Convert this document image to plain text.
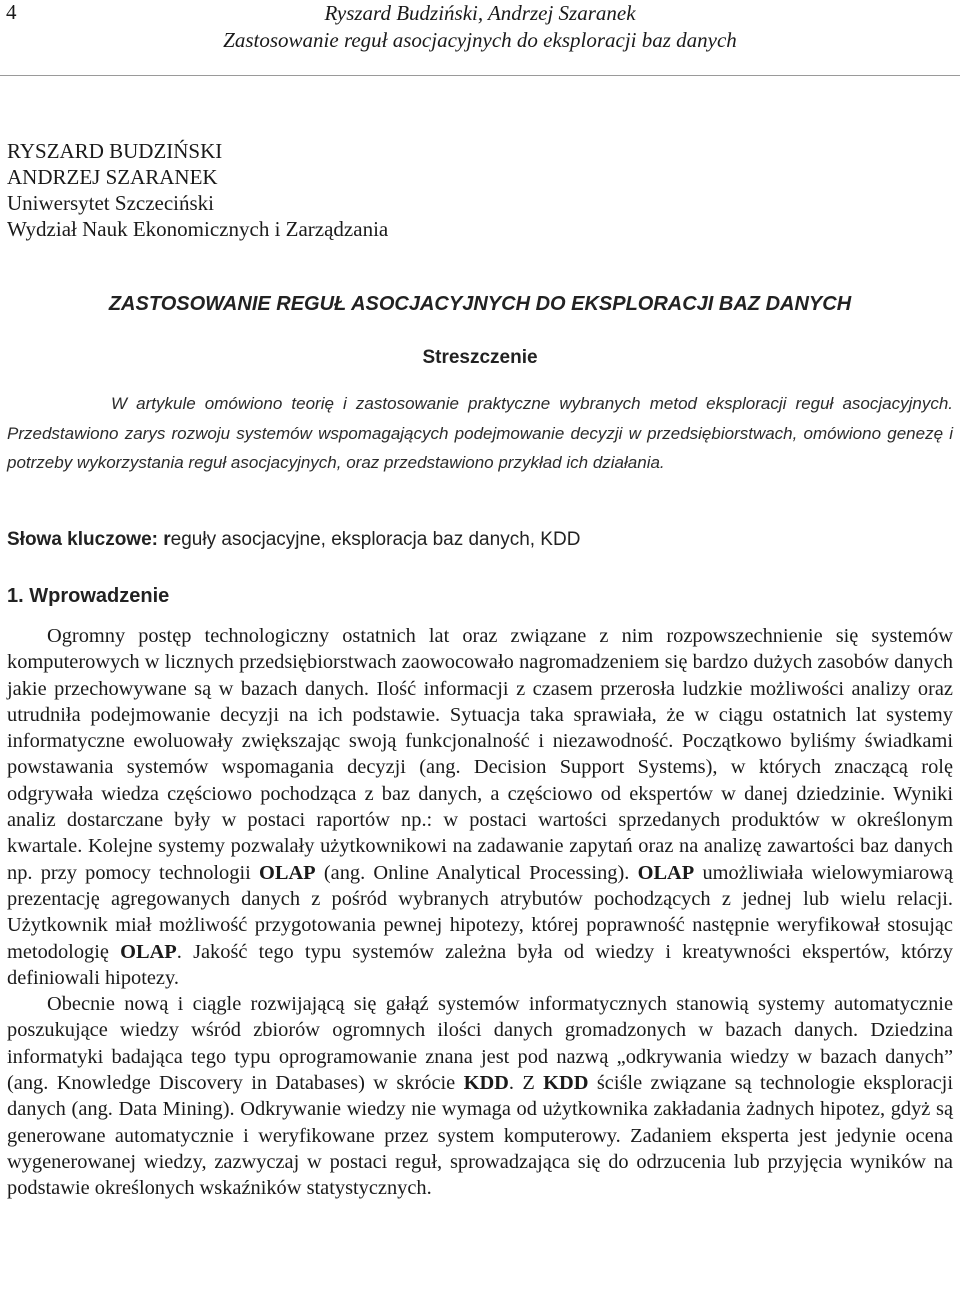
4	Ryszard Budziński, Andrzej Szaranek
Zastosowanie reguł asocjacyjnych do eksploracji baz danych
RYSZARD BUDZIŃSKI
ANDRZEJ SZARANEK
Uniwersytet Szczeciński
Wydział Nauk Ekonomicznych i Zarządzania
ZASTOSOWANIE REGUŁ ASOCJACYJNYCH DO EKSPLORACJI BAZ DANYCH
Streszczenie
W artykule omówiono teorię i zastosowanie praktyczne wybranych metod eksploracji reguł asocjacyjnych. Przedstawiono zarys rozwoju systemów wspomagających podejmowanie decyzji w przedsiębiorstwach, omówiono genezę i potrzeby wykorzystania reguł asocjacyjnych, oraz przedstawiono przykład ich działania.
Słowa kluczowe: reguły asocjacyjne, eksploracja baz danych, KDD
1. Wprowadzenie

Ogromny postęp technologiczny ostatnich lat oraz związane z nim rozpowszechnienie się systemów komputerowych w licznych przedsiębiorstwach zaowocowało nagromadzeniem się bardzo dużych zasobów danych jakie przechowywane są w bazach danych. Ilość informacji z czasem przerosła ludzkie możliwości analizy oraz utrudniła podejmowanie decyzji na ich podstawie. Sytuacja taka sprawiała, że w ciągu ostatnich lat systemy informatyczne ewoluowały zwiększając swoją funkcjonalność i niezawodność. Początkowo byliśmy świadkami powstawania systemów wspomagania decyzji (ang. Decision Support Systems), w których znaczącą rolę odgrywała wiedza częściowo pochodząca z baz danych, a częściowo od ekspertów w danej dziedzinie. Wyniki analiz dostarczane były w postaci raportów np.: w postaci wartości sprzedanych produktów w określonym kwartale. Kolejne systemy pozwalały użytkownikowi na zadawanie zapytań oraz na analizę zawartości baz danych np. przy pomocy technologii OLAP (ang. Online Analytical Processing). OLAP umożliwiała wielowymiarową prezentację agregowanych danych z pośród wybranych atrybutów pochodzących z jednej lub wielu relacji. Użytkownik miał możliwość przygotowania pewnej hipotezy, której poprawność następnie weryfikował stosując metodologię OLAP. Jakość tego typu systemów zależna była od wiedzy i kreatywności ekspertów, którzy definiowali hipotezy.

Obecnie nową i ciągle rozwijającą się gałąź systemów informatycznych stanowią systemy automatycznie poszukujące wiedzy wśród zbiorów ogromnych ilości danych gromadzonych w bazach danych. Dziedzina informatyki badająca tego typu oprogramowanie znana jest pod nazwą „odkrywania wiedzy w bazach danych” (ang. Knowledge Discovery in Databases) w skrócie KDD. Z KDD ściśle związane są technologie eksploracji danych (ang. Data Mining). Odkrywanie wiedzy nie wymaga od użytkownika zakładania żadnych hipotez, gdyż są generowane automatycznie i weryfikowane przez system komputerowy. Zadaniem eksperta jest jedynie ocena wygenerowanej wiedzy, zazwyczaj w postaci reguł, sprowadzająca się do odrzucenia lub przyjęcia wyników na podstawie określonych wskaźników statystycznych.
